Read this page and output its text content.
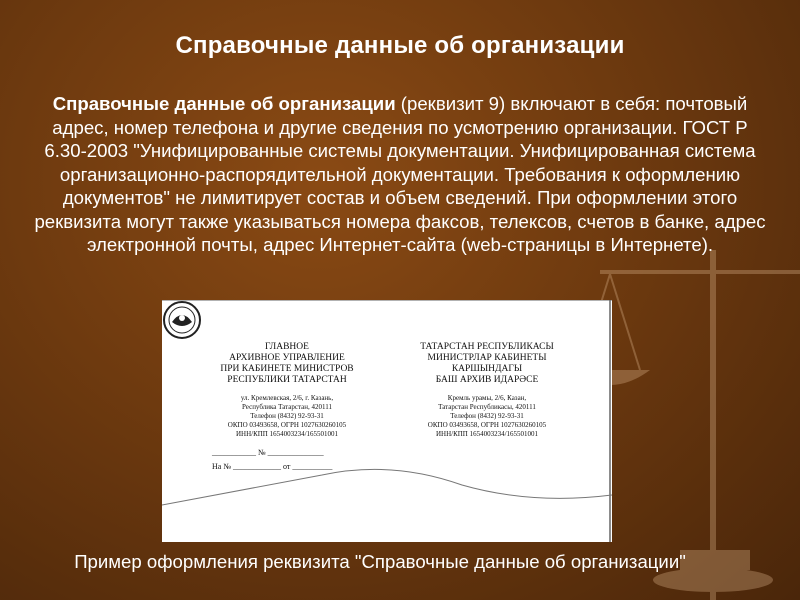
Справочные данные об организации
Справочные данные об организации (реквизит 9) включают в себя: почтовый адрес, номер телефона и другие сведения по усмотрению организации. ГОСТ Р 6.30-2003 "Унифицированные системы документации. Унифицированная система организационно-распорядительной документации. Требования к оформлению документов" не лимитирует состав и объем сведений. При оформлении этого реквизита могут также указываться номера факсов, телексов, счетов в банке, адрес электронной почты, адрес Интернет-сайта (web-страницы в Интернете).
ГЛАВНОЕ
АРХИВНОЕ УПРАВЛЕНИЕ
ПРИ КАБИНЕТЕ МИНИСТРОВ
РЕСПУБЛИКИ ТАТАРСТАН
ул. Кремлевская, 2/6, г. Казань,
Республика Татарстан, 420111
Телефон (8432) 92-93-31
ОКПО 03493658, ОГРН 1027630260105
ИНН/КПП 1654003234/165501001
ТАТАРСТАН РЕСПУБЛИКАСЫ
МИНИСТРЛАР КАБИНЕТЫ
КАРШЫНДАГЫ
БАШ АРХИВ ИДАРӘСЕ
Кремль урамы, 2/6, Казан,
Татарстан Республикасы, 420111
Телефон (8432) 92-93-31
ОКПО 03493658, ОГРН 1027630260105
ИНН/КПП 1654003234/165501001
___________ № ______________
На № ____________ от __________
Пример оформления реквизита "Справочные данные об организации"
